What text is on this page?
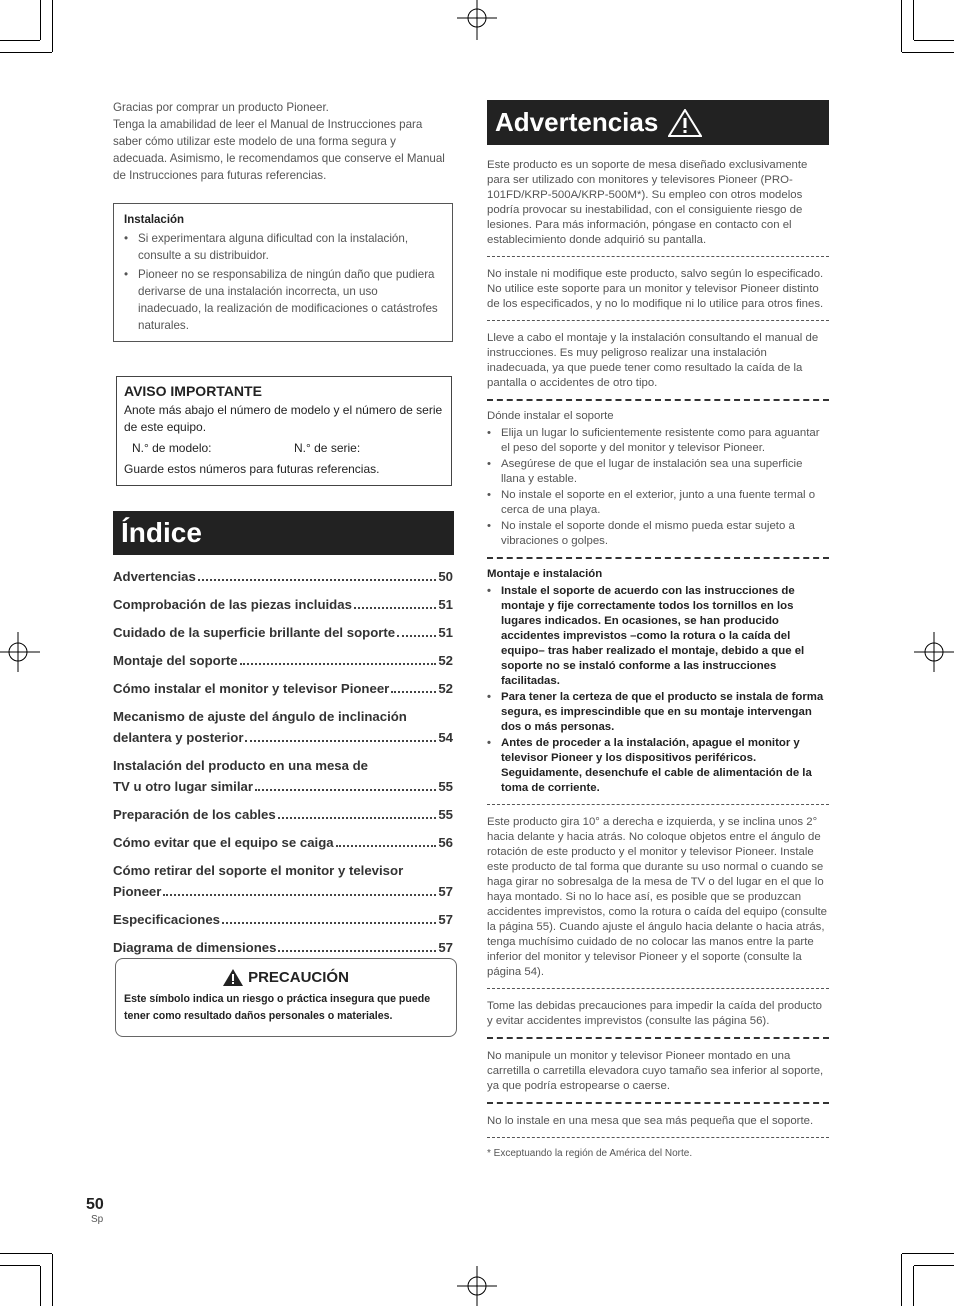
Gracias por comprar un producto Pioneer.
Tenga la amabilidad de leer el Manual de Instrucciones para saber cómo utilizar este modelo de una forma segura y adecuada. Asimismo, le recomendamos que conserve el Manual de Instrucciones para futuras referencias.
Instalación
• Si experimentara alguna dificultad con la instalación, consulte a su distribuidor.
• Pioneer no se responsabiliza de ningún daño que pudiera derivarse de una instalación incorrecta, un uso inadecuado, la realización de modificaciones o catástrofes naturales.
AVISO IMPORTANTE
Anote más abajo el número de modelo y el número de serie de este equipo.
N.° de modelo:	N.° de serie:
Guarde estos números para futuras referencias.
Índice
Advertencias	50
Comprobación de las piezas incluidas	51
Cuidado de la superficie brillante del soporte	51
Montaje del soporte	52
Cómo instalar el monitor y televisor Pioneer	52
Mecanismo de ajuste del ángulo de inclinación
delantera y posterior	54
Instalación del producto en una mesa de
TV u otro lugar similar	55
Preparación de los cables	55
Cómo evitar que el equipo se caiga	56
Cómo retirar del soporte el monitor y televisor
Pioneer	57
Especificaciones	57
Diagrama de dimensiones	57
PRECAUCIÓN
Este símbolo indica un riesgo o práctica insegura que puede tener como resultado daños personales o materiales.
Advertencias
Este producto es un soporte de mesa diseñado exclusivamente para ser utilizado con monitores y televisores Pioneer (PRO-101FD/KRP-500A/KRP-500M*). Su empleo con otros modelos podría provocar su inestabilidad, con el consiguiente riesgo de lesiones. Para más información, póngase en contacto con el establecimiento donde adquirió su pantalla.
No instale ni modifique este producto, salvo según lo especificado. No utilice este soporte para un monitor y televisor Pioneer distinto de los especificados, y no lo modifique ni lo utilice para otros fines.
Lleve a cabo el montaje y la instalación consultando el manual de instrucciones. Es muy peligroso realizar una instalación inadecuada, ya que puede tener como resultado la caída de la pantalla o accidentes de otro tipo.
Dónde instalar el soporte
• Elija un lugar lo suficientemente resistente como para aguantar el peso del soporte y del monitor y televisor Pioneer.
• Asegúrese de que el lugar de instalación sea una superficie llana y estable.
• No instale el soporte en el exterior, junto a una fuente termal o cerca de una playa.
• No instale el soporte donde el mismo pueda estar sujeto a vibraciones o golpes.
Montaje e instalación
• Instale el soporte de acuerdo con las instrucciones de montaje y fije correctamente todos los tornillos en los lugares indicados. En ocasiones, se han producido accidentes imprevistos –como la rotura o la caída del equipo– tras haber realizado el montaje, debido a que el soporte no se instaló conforme a las instrucciones facilitadas.
• Para tener la certeza de que el producto se instala de forma segura, es imprescindible que en su montaje intervengan dos o más personas.
• Antes de proceder a la instalación, apague el monitor y televisor Pioneer y los dispositivos periféricos. Seguidamente, desenchufe el cable de alimentación de la toma de corriente.
Este producto gira 10° a derecha e izquierda, y se inclina unos 2° hacia delante y hacia atrás. No coloque objetos entre el ángulo de rotación de este producto y el monitor y televisor Pioneer. Instale este producto de tal forma que durante su uso normal o cuando se haga girar no sobresalga de la mesa de TV o del lugar en el que lo haya montado. Si no lo hace así, es posible que se produzcan accidentes imprevistos, como la rotura o caída del equipo (consulte la página 55). Cuando ajuste el ángulo hacia delante o hacia atrás, tenga muchísimo cuidado de no colocar las manos entre la parte inferior del monitor y televisor Pioneer y el soporte (consulte la página 54).
Tome las debidas precauciones para impedir la caída del producto y evitar accidentes imprevistos (consulte las página 56).
No manipule un monitor y televisor Pioneer montado en una carretilla o carretilla elevadora cuyo tamaño sea inferior al soporte, ya que podría estropearse o caerse.
No lo instale en una mesa que sea más pequeña que el soporte.
* Exceptuando la región de América del Norte.
50
Sp
